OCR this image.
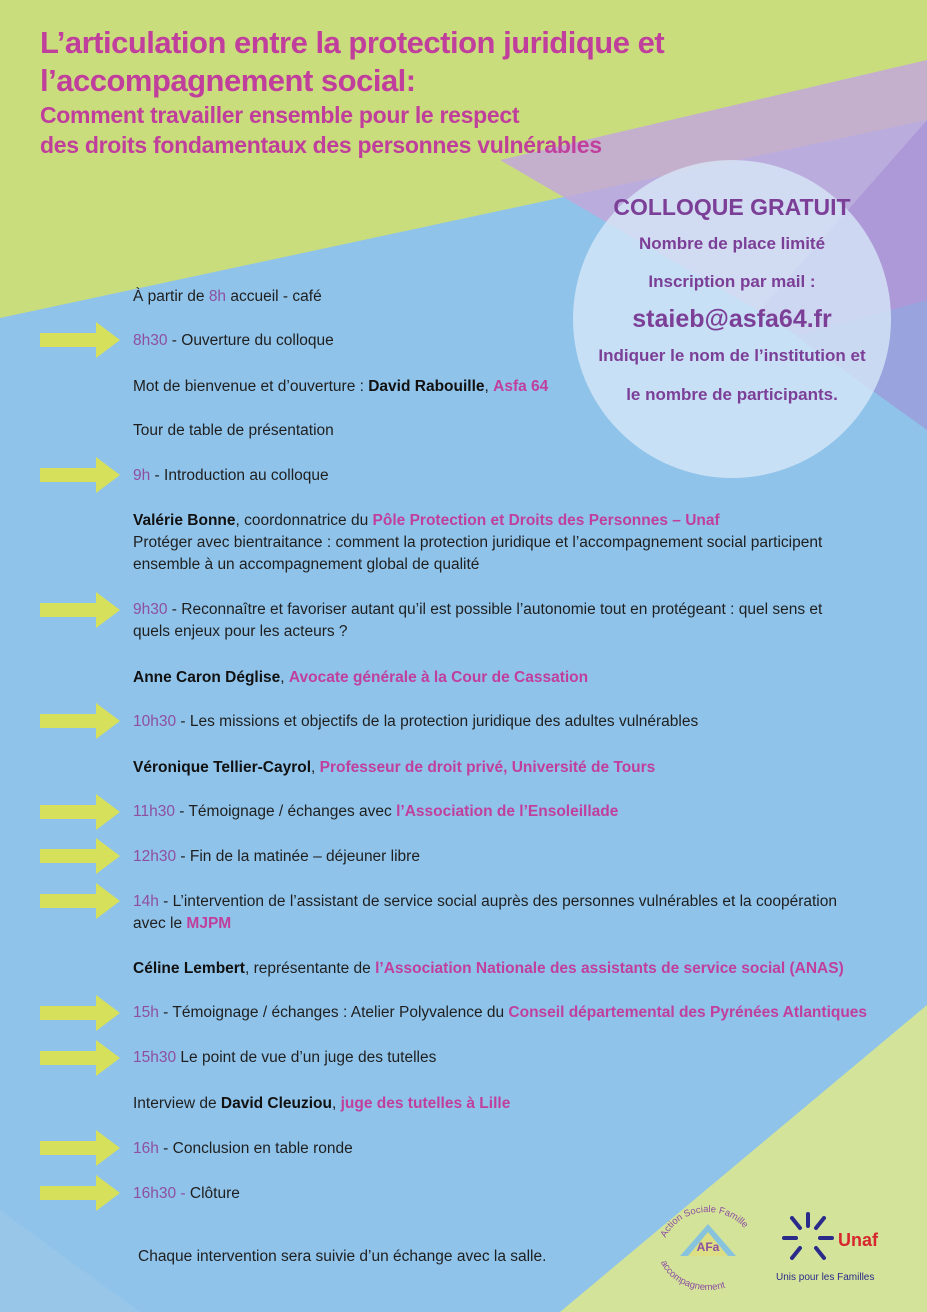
L’articulation entre la protection juridique et
l’accompagnement social:
Comment travailler ensemble pour le respect
des droits fondamentaux des personnes vulnérables
COLLOQUE GRATUIT
Nombre de place limité
Inscription par mail :
staieb@asfa64.fr
Indiquer le nom de l’institution et
le nombre de participants.
À partir de 8h accueil - café
8h30 - Ouverture du colloque
Mot de bienvenue et d’ouverture : David Rabouille, Asfa 64
Tour de table de présentation
9h - Introduction au colloque
Valérie Bonne, coordonnatrice du Pôle Protection et Droits des Personnes – Unaf
Protéger avec bientraitance : comment la protection juridique et l’accompagnement social participent
ensemble à un accompagnement global de qualité
9h30 - Reconnaître et favoriser autant qu’il est possible l’autonomie tout en protégeant : quel sens et
quels enjeux pour les acteurs ?
Anne Caron Déglise, Avocate générale à la Cour de Cassation
10h30 - Les missions et objectifs de la protection juridique des adultes vulnérables
Véronique Tellier-Cayrol, Professeur de droit privé, Université de Tours
11h30 - Témoignage / échanges avec l’Association de l’Ensoleillade
12h30 - Fin de la matinée – déjeuner libre
14h - L’intervention de l’assistant de service social auprès des personnes vulnérables et la coopération
avec le MJPM
Céline Lembert, représentante de l’Association Nationale des assistants de service social (ANAS)
15h - Témoignage / échanges : Atelier Polyvalence du Conseil départemental des Pyrénées Atlantiques
15h30 Le point de vue d’un juge des tutelles
Interview de David Cleuziou, juge des tutelles à Lille
16h - Conclusion en table ronde
16h30 - Clôture
Chaque intervention sera suivie d’un échange avec la salle.
Action Sociale Famille
accompagnement
AFa	Unaf
Unis pour les Familles
